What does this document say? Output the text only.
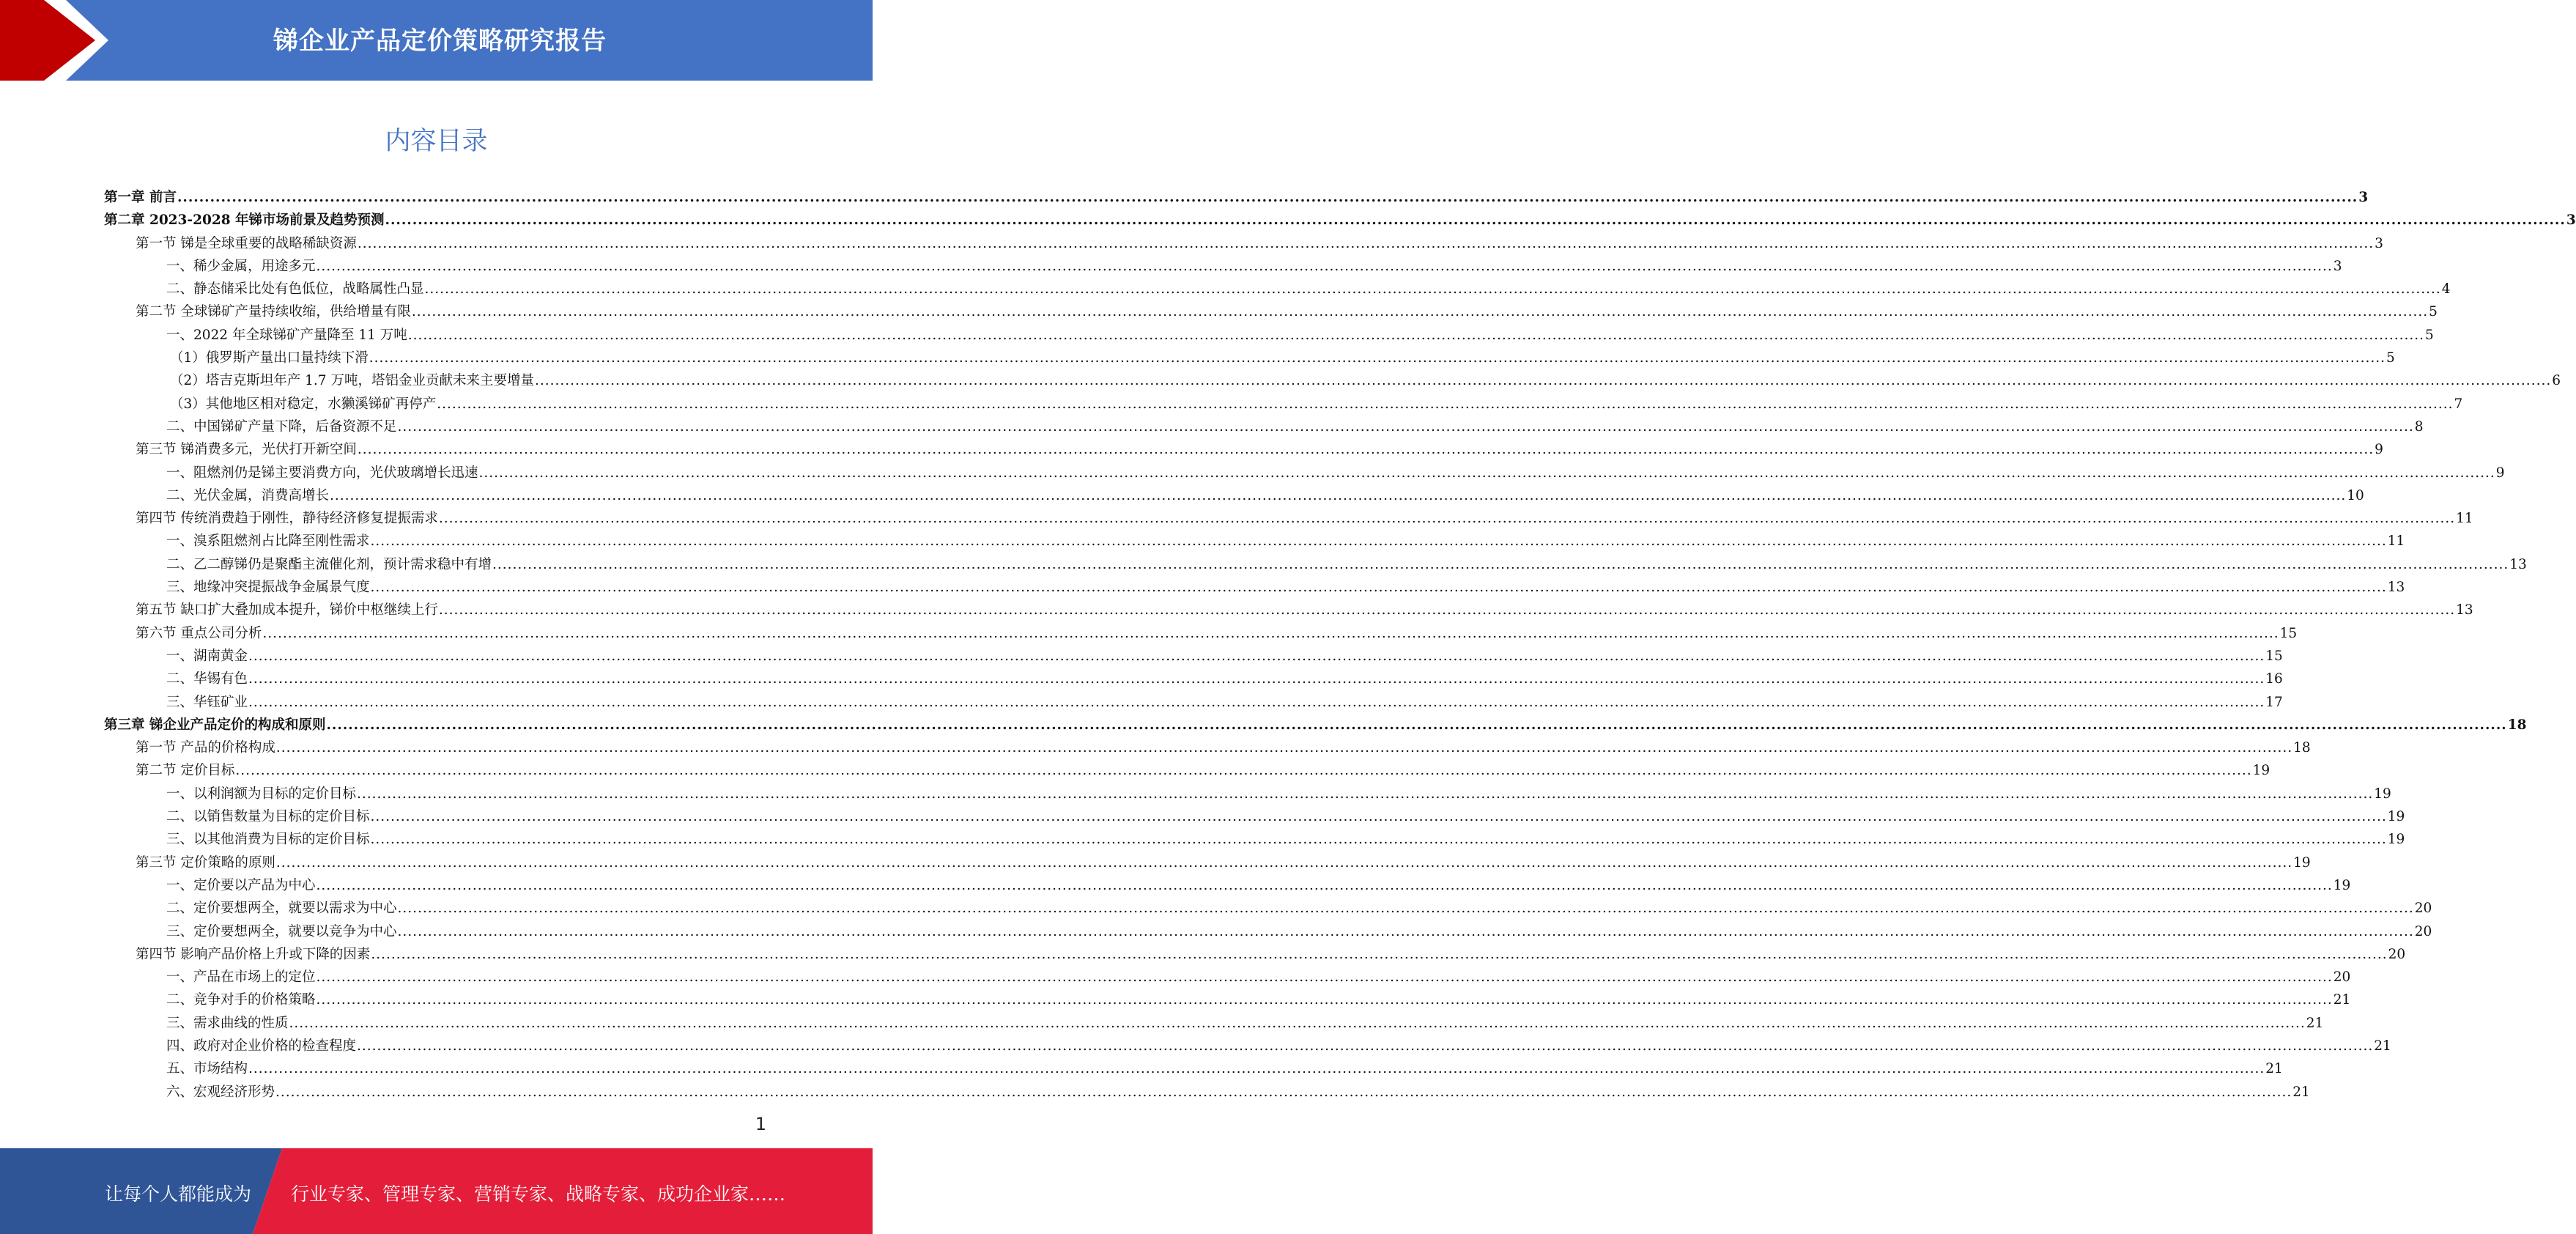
锑企业产品定价策略研究报告
内容目录
第一章 前言 ................................................................................................................................................................................................................................................................................................................................................................................................................ 3
第二章 2023-2028 年锑市场前景及趋势预测 ................................................................................................................................................................................................................................................................................................................................................................................................................ 3
第一节 锑是全球重要的战略稀缺资源 ................................................................................................................................................................................................................................................................................................................................................................................................................ 3
一、稀少金属，用途多元 ................................................................................................................................................................................................................................................................................................................................................................................................................ 3
二、静态储采比处有色低位，战略属性凸显 ................................................................................................................................................................................................................................................................................................................................................................................................................ 4
第二节 全球锑矿产量持续收缩，供给增量有限 ................................................................................................................................................................................................................................................................................................................................................................................................................ 5
一、2022 年全球锑矿产量降至 11 万吨 ................................................................................................................................................................................................................................................................................................................................................................................................................ 5
（1）俄罗斯产量出口量持续下滑 ................................................................................................................................................................................................................................................................................................................................................................................................................ 5
（2）塔吉克斯坦年产 1.7 万吨，塔铝金业贡献未来主要增量 ................................................................................................................................................................................................................................................................................................................................................................................................................ 6
（3）其他地区相对稳定，水獭溪锑矿再停产 ................................................................................................................................................................................................................................................................................................................................................................................................................ 7
二、中国锑矿产量下降，后备资源不足 ................................................................................................................................................................................................................................................................................................................................................................................................................ 8
第三节 锑消费多元，光伏打开新空间 ................................................................................................................................................................................................................................................................................................................................................................................................................ 9
一、阻燃剂仍是锑主要消费方向，光伏玻璃增长迅速 ................................................................................................................................................................................................................................................................................................................................................................................................................ 9
二、光伏金属，消费高增长 ................................................................................................................................................................................................................................................................................................................................................................................................................ 10
第四节 传统消费趋于刚性，静待经济修复提振需求 ................................................................................................................................................................................................................................................................................................................................................................................................................ 11
一、溴系阻燃剂占比降至刚性需求 ................................................................................................................................................................................................................................................................................................................................................................................................................ 11
二、乙二醇锑仍是聚酯主流催化剂，预计需求稳中有增 ................................................................................................................................................................................................................................................................................................................................................................................................................ 13
三、地缘冲突提振战争金属景气度 ................................................................................................................................................................................................................................................................................................................................................................................................................ 13
第五节 缺口扩大叠加成本提升，锑价中枢继续上行 ................................................................................................................................................................................................................................................................................................................................................................................................................ 13
第六节 重点公司分析 ................................................................................................................................................................................................................................................................................................................................................................................................................ 15
一、湖南黄金 ................................................................................................................................................................................................................................................................................................................................................................................................................ 15
二、华锡有色 ................................................................................................................................................................................................................................................................................................................................................................................................................ 16
三、华钰矿业 ................................................................................................................................................................................................................................................................................................................................................................................................................ 17
第三章 锑企业产品定价的构成和原则 ................................................................................................................................................................................................................................................................................................................................................................................................................ 18
第一节 产品的价格构成 ................................................................................................................................................................................................................................................................................................................................................................................................................ 18
第二节 定价目标 ................................................................................................................................................................................................................................................................................................................................................................................................................ 19
一、以利润额为目标的定价目标 ................................................................................................................................................................................................................................................................................................................................................................................................................ 19
二、以销售数量为目标的定价目标 ................................................................................................................................................................................................................................................................................................................................................................................................................ 19
三、以其他消费为目标的定价目标 ................................................................................................................................................................................................................................................................................................................................................................................................................ 19
第三节 定价策略的原则 ................................................................................................................................................................................................................................................................................................................................................................................................................ 19
一、定价要以产品为中心 ................................................................................................................................................................................................................................................................................................................................................................................................................ 19
二、定价要想两全，就要以需求为中心 ................................................................................................................................................................................................................................................................................................................................................................................................................ 20
三、定价要想两全，就要以竞争为中心 ................................................................................................................................................................................................................................................................................................................................................................................................................ 20
第四节 影响产品价格上升或下降的因素 ................................................................................................................................................................................................................................................................................................................................................................................................................ 20
一、产品在市场上的定位 ................................................................................................................................................................................................................................................................................................................................................................................................................ 20
二、竞争对手的价格策略 ................................................................................................................................................................................................................................................................................................................................................................................................................ 21
三、需求曲线的性质 ................................................................................................................................................................................................................................................................................................................................................................................................................ 21
四、政府对企业价格的检查程度 ................................................................................................................................................................................................................................................................................................................................................................................................................ 21
五、市场结构 ................................................................................................................................................................................................................................................................................................................................................................................................................ 21
六、宏观经济形势 ................................................................................................................................................................................................................................................................................................................................................................................................................ 21
1
让每个人都能成为 行业专家、管理专家、营销专家、战略专家、成功企业家……
